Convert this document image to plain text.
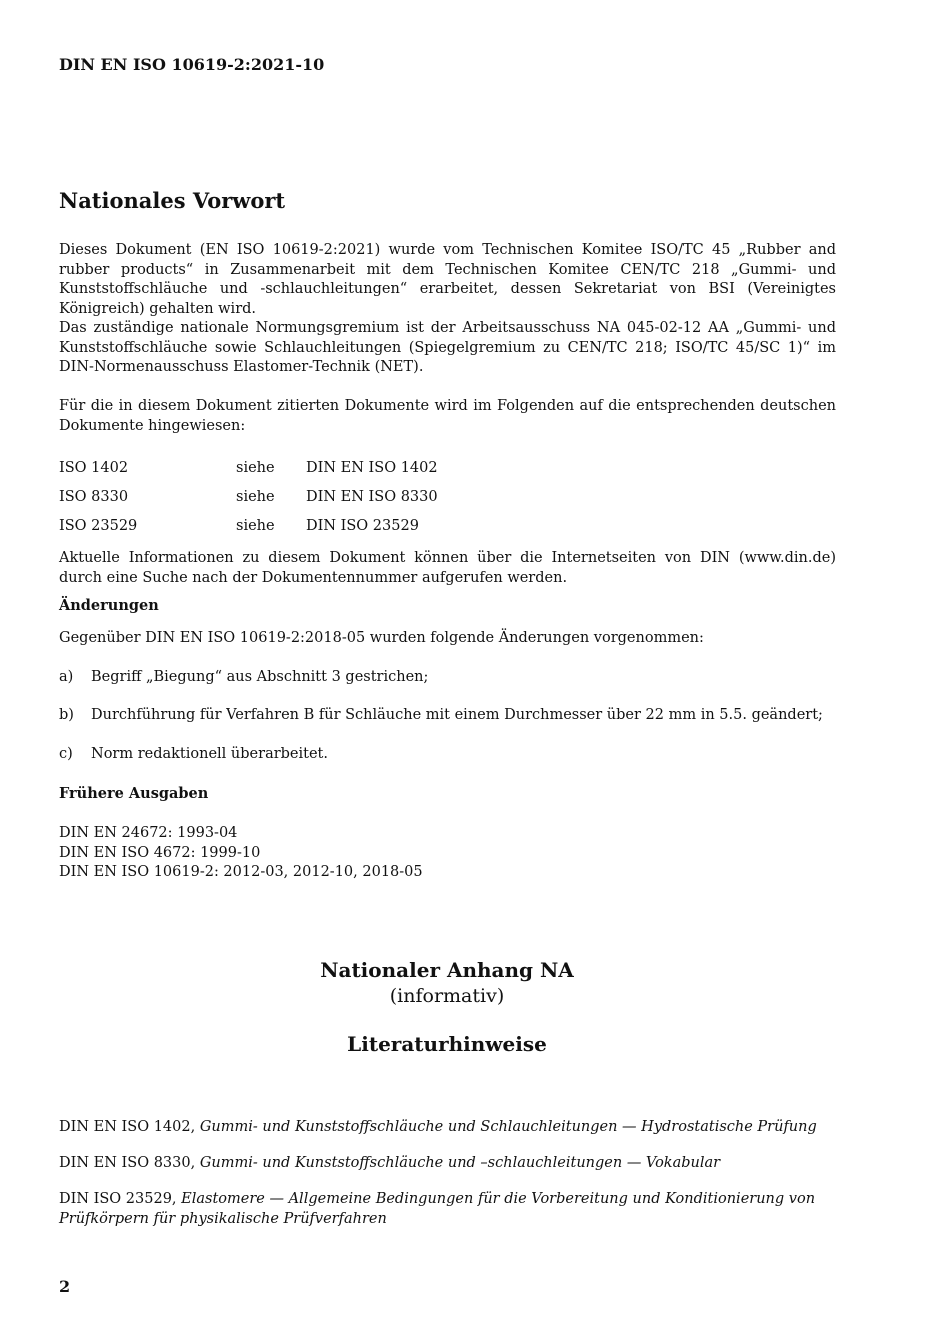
DIN EN ISO 10619-2:2021-10
Nationales Vorwort
Dieses Dokument (EN ISO 10619-2:2021) wurde vom Technischen Komitee ISO/TC 45 „Rubber and rubber products“ in Zusammenarbeit mit dem Technischen Komitee CEN/TC 218 „Gummi- und Kunststoffschläuche und -schlauchleitungen“ erarbeitet, dessen Sekretariat von BSI (Vereinigtes Königreich) gehalten wird.
Das zuständige nationale Normungsgremium ist der Arbeitsausschuss NA 045-02-12 AA „Gummi- und Kunststoffschläuche sowie Schlauchleitungen (Spiegelgremium zu CEN/TC 218; ISO/TC 45/SC 1)“ im DIN-Normenausschuss Elastomer-Technik (NET).
Für die in diesem Dokument zitierten Dokumente wird im Folgenden auf die entsprechenden deutschen Dokumente hingewiesen:
ISO 1402	siehe DIN EN ISO 1402
ISO 8330	siehe DIN EN ISO 8330
ISO 23529	siehe DIN ISO 23529
Aktuelle Informationen zu diesem Dokument können über die Internetseiten von DIN (www.din.de) durch eine Suche nach der Dokumentennummer aufgerufen werden.
Änderungen
Gegenüber DIN EN ISO 10619-2:2018-05 wurden folgende Änderungen vorgenommen:
a) Begriff „Biegung“ aus Abschnitt 3 gestrichen;
b) Durchführung für Verfahren B für Schläuche mit einem Durchmesser über 22 mm in 5.5. geändert;
c) Norm redaktionell überarbeitet.
Frühere Ausgaben
DIN EN 24672: 1993-04
DIN EN ISO 4672: 1999-10
DIN EN ISO 10619-2: 2012-03, 2012-10, 2018-05
Nationaler Anhang NA
(informativ)
Literaturhinweise
DIN EN ISO 1402, Gummi- und Kunststoffschläuche und Schlauchleitungen — Hydrostatische Prüfung
DIN EN ISO 8330, Gummi- und Kunststoffschläuche und –schlauchleitungen — Vokabular
DIN ISO 23529, Elastomere — Allgemeine Bedingungen für die Vorbereitung und Konditionierung von Prüfkörpern für physikalische Prüfverfahren
2
